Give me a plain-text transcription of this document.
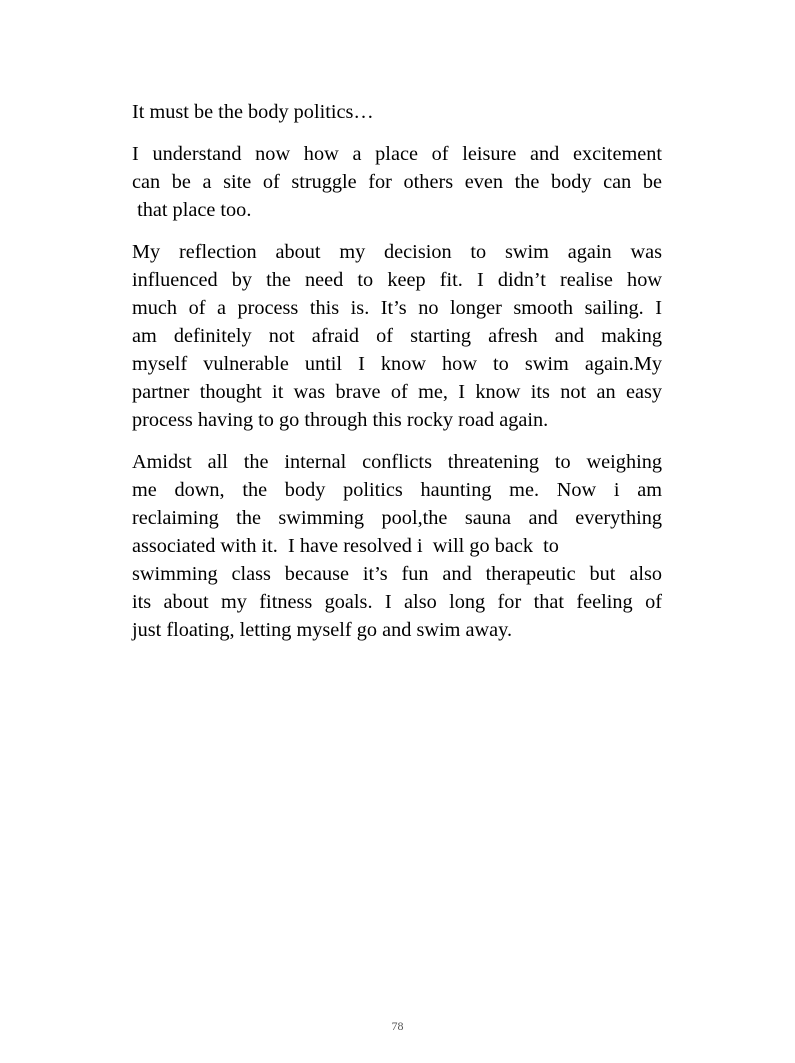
It must be the body politics…

I understand now how a place of leisure and excitement
can be a site of struggle for others even the body can be
that place too.

My reflection about my decision to swim again was
influenced by the need to keep fit. I didn’t realise how
much of a process this is. It’s no longer smooth sailing. I
am definitely not afraid of starting afresh and making
myself vulnerable until I know how to swim again.My
partner thought it was brave of me, I know its not an easy
process having to go through this rocky road again.

Amidst all the internal conflicts threatening to weighing
me down, the body politics haunting me. Now i am
reclaiming the swimming pool,the sauna and everything
associated with it.  I have resolved i  will go back  to
swimming class because it’s fun and therapeutic but also
its about my fitness goals. I also long for that feeling of
just floating, letting myself go and swim away.

78
